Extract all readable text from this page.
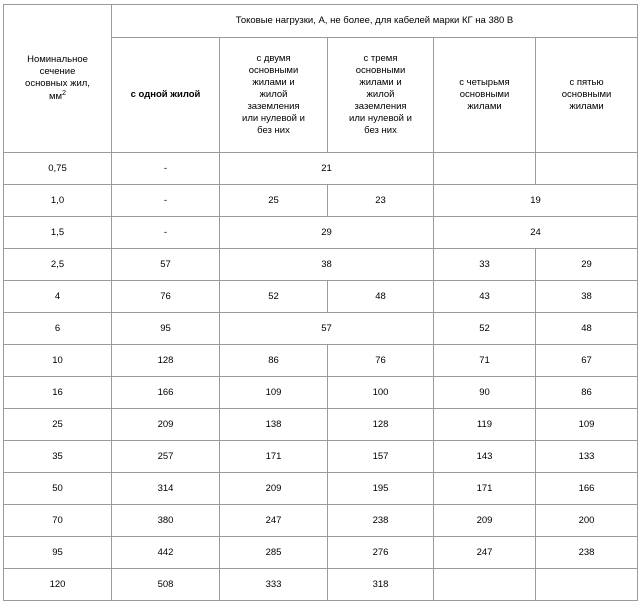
Номинальное
сечение
основных жил,
$мм^2$	Токовые нагрузки, А, не более, для кабелей марки КГ на 380 В				
с одной жилой	с двумя
основными
жилами и
жилой
заземления
или нулевой и
без них	с тремя
основными
жилами и
жилой
заземления
или нулевой и
без них	с четырьмя
основными
жилами	с пятью
основными
жилами
0,75	-	21			
1,0	-	25	23	19	
1,5	-	29		24	
2,5	57	38		33	29
4	76	52	48	43	38
6	95	57		52	48
10	128	86	76	71	67
16	166	109	100	90	86
25	209	138	128	119	109
35	257	171	157	143	133
50	314	209	195	171	166
70	380	247	238	209	200
95	442	285	276	247	238
120	508	333	318		
